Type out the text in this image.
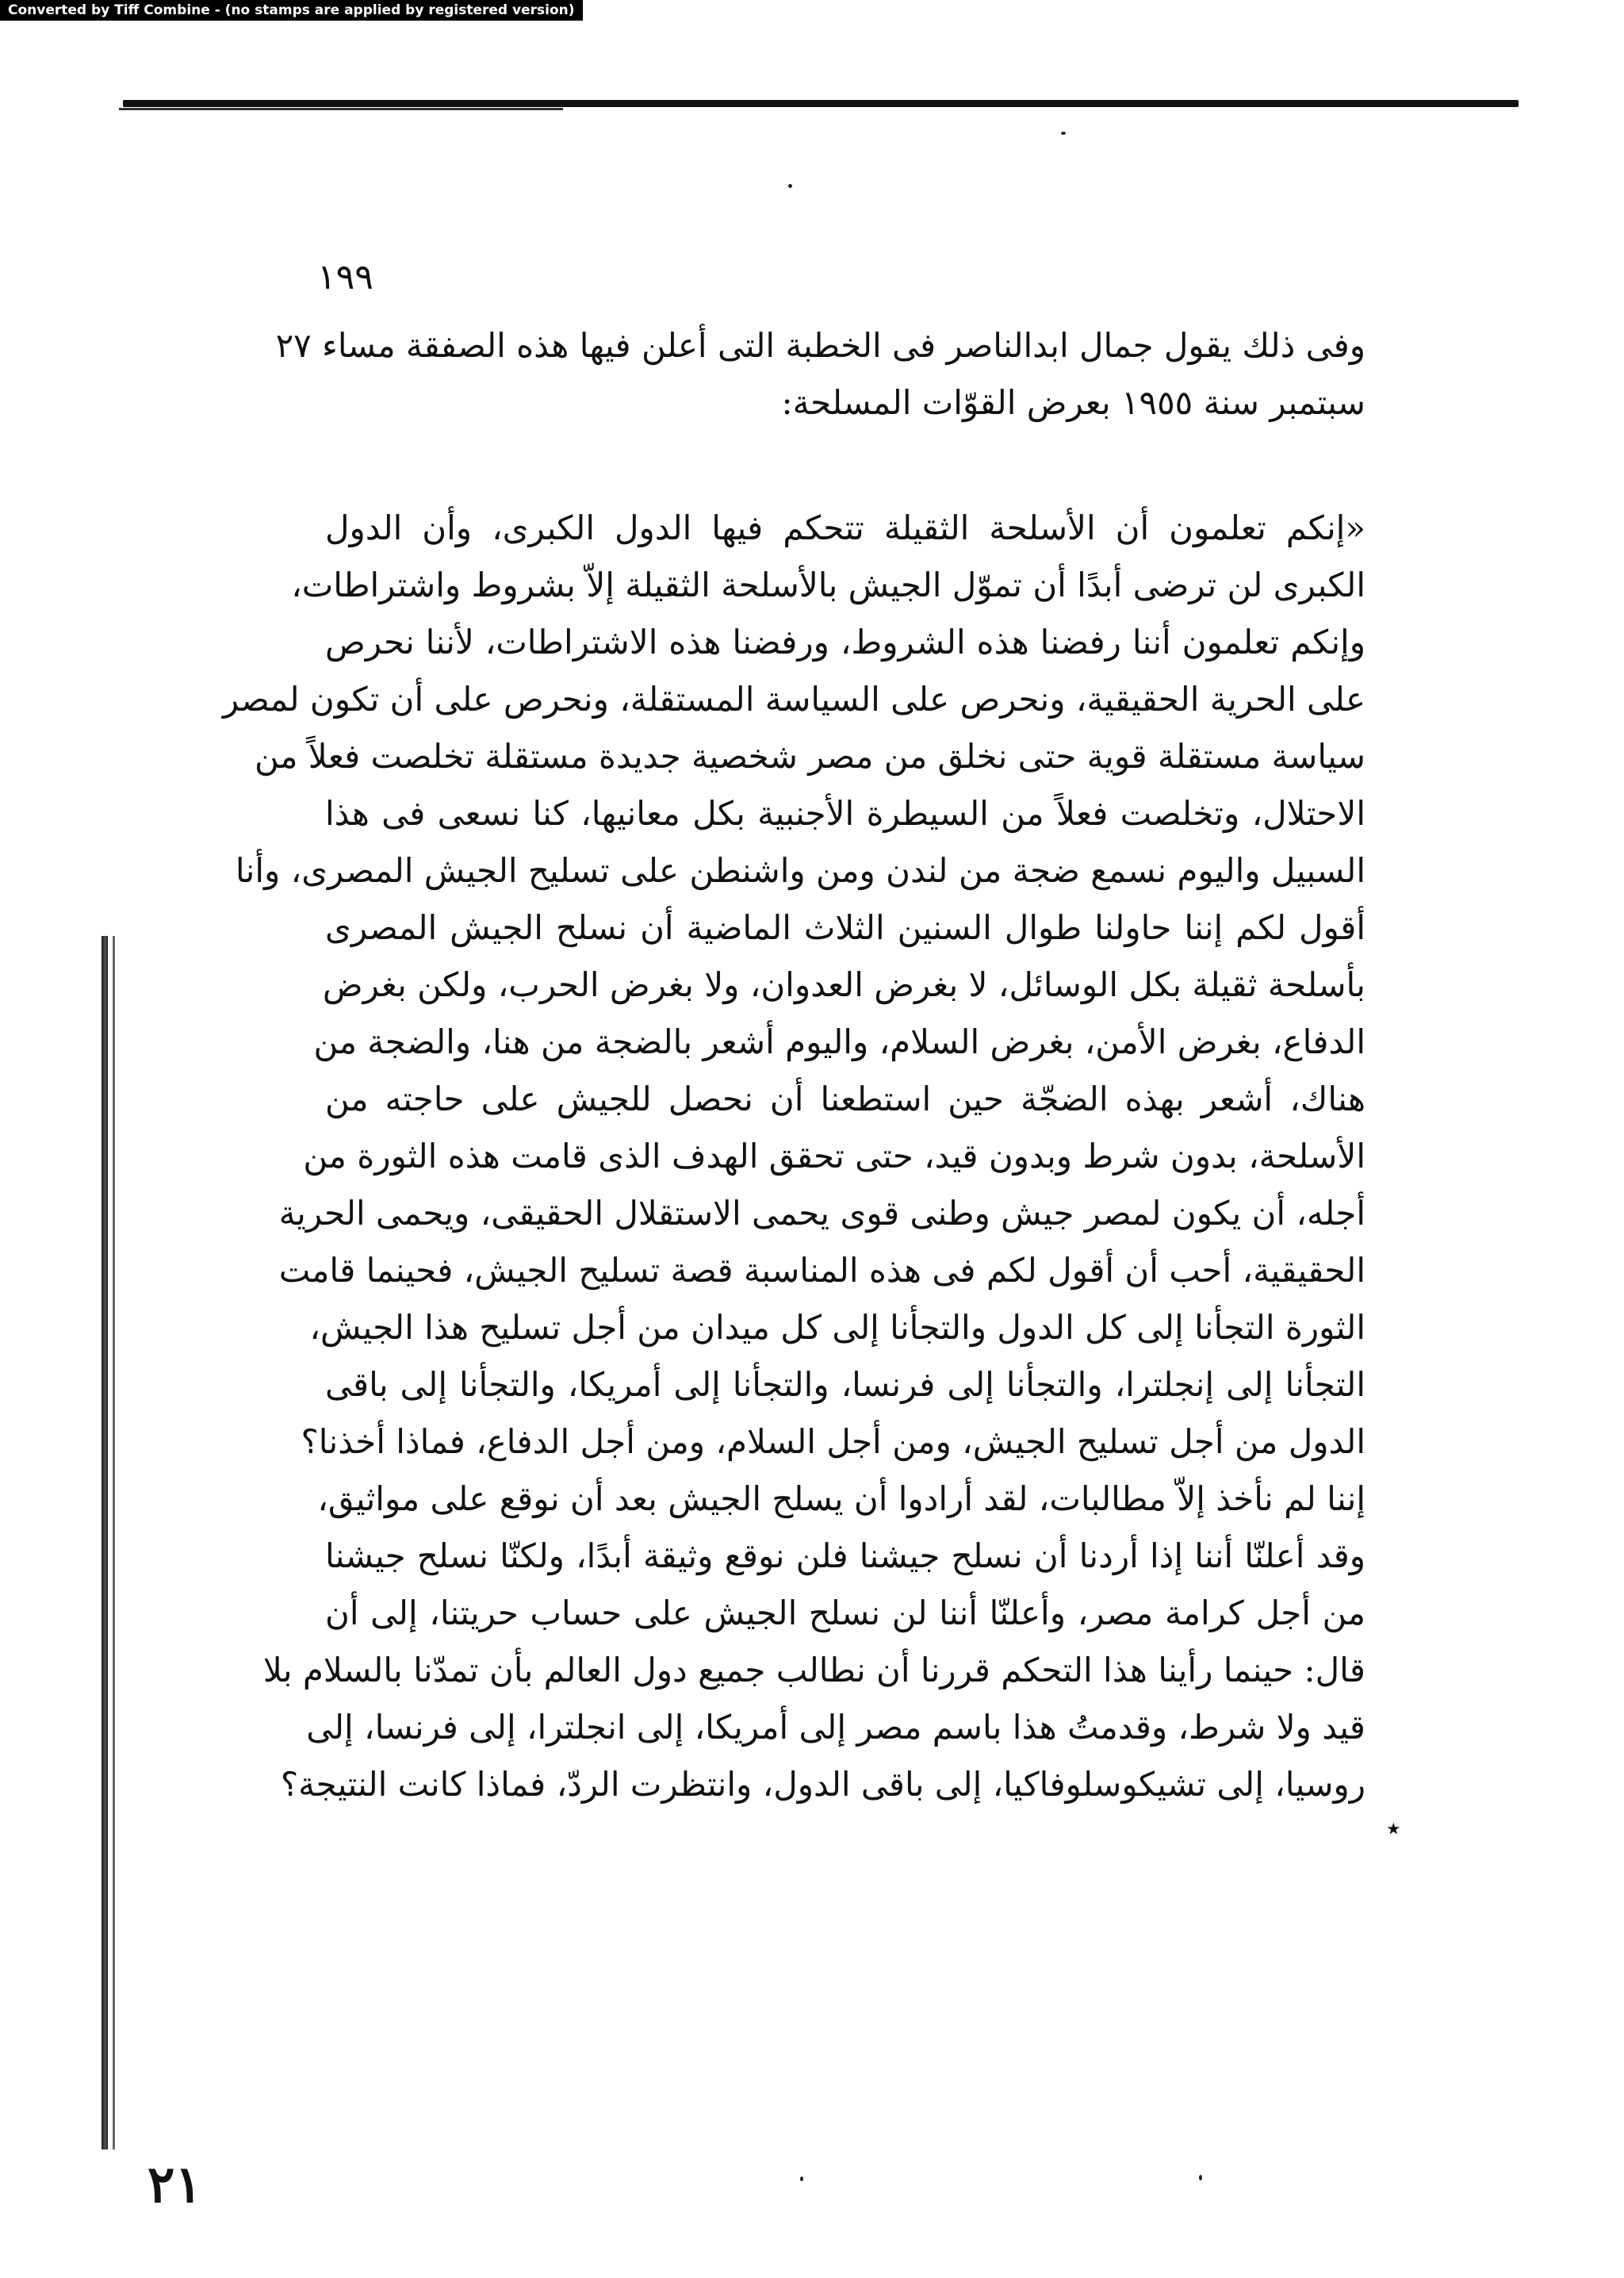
Converted by Tiff Combine - (no stamps are applied by registered version)

١٩٩

وفى ذلك يقول جمال ابدالناصر فى الخطبة التى أعلن فيها هذه الصفقة مساء ٢٧
سبتمبر سنة ١٩٥٥ بعرض القوّات المسلحة:
«إنكم تعلمون أن الأسلحة الثقيلة تتحكم فيها الدول الكبرى، وأن الدول
الكبرى لن ترضى أبدًا أن تموّل الجيش بالأسلحة الثقيلة إلاّ بشروط واشتراطات،
وإنكم تعلمون أننا رفضنا هذه الشروط، ورفضنا هذه الاشتراطات، لأننا نحرص
على الحرية الحقيقية، ونحرص على السياسة المستقلة، ونحرص على أن تكون لمصر
سياسة مستقلة قوية حتى نخلق من مصر شخصية جديدة مستقلة تخلصت فعلاً من
الاحتلال، وتخلصت فعلاً من السيطرة الأجنبية بكل معانيها، كنا نسعى فى هذا
السبيل واليوم نسمع ضجة من لندن ومن واشنطن على تسليح الجيش المصرى، وأنا
أقول لكم إننا حاولنا طوال السنين الثلاث الماضية أن نسلح الجيش المصرى
بأسلحة ثقيلة بكل الوسائل، لا بغرض العدوان، ولا بغرض الحرب، ولكن بغرض
الدفاع، بغرض الأمن، بغرض السلام، واليوم أشعر بالضجة من هنا، والضجة من
هناك، أشعر بهذه الضجّة حين استطعنا أن نحصل للجيش على حاجته من
الأسلحة، بدون شرط وبدون قيد، حتى تحقق الهدف الذى قامت هذه الثورة من
أجله، أن يكون لمصر جيش وطنى قوى يحمى الاستقلال الحقيقى، ويحمى الحرية
الحقيقية، أحب أن أقول لكم فى هذه المناسبة قصة تسليح الجيش، فحينما قامت
الثورة التجأنا إلى كل الدول والتجأنا إلى كل ميدان من أجل تسليح هذا الجيش،
التجأنا إلى إنجلترا، والتجأنا إلى فرنسا، والتجأنا إلى أمريكا، والتجأنا إلى باقى
الدول من أجل تسليح الجيش، ومن أجل السلام، ومن أجل الدفاع، فماذا أخذنا؟
إننا لم نأخذ إلاّ مطالبات، لقد أرادوا أن يسلح الجيش بعد أن نوقع على مواثيق،
وقد أعلنّا أننا إذا أردنا أن نسلح جيشنا فلن نوقع وثيقة أبدًا، ولكنّا نسلح جيشنا
من أجل كرامة مصر، وأعلنّا أننا لن نسلح الجيش على حساب حريتنا، إلى أن
قال: حينما رأينا هذا التحكم قررنا أن نطالب جميع دول العالم بأن تمدّنا بالسلام بلا
قيد ولا شرط، وقدمتُ هذا باسم مصر إلى أمريكا، إلى انجلترا، إلى فرنسا، إلى
روسيا، إلى تشيكوسلوفاكيا، إلى باقى الدول، وانتظرت الردّ، فماذا كانت النتيجة؟
٭
٢١
